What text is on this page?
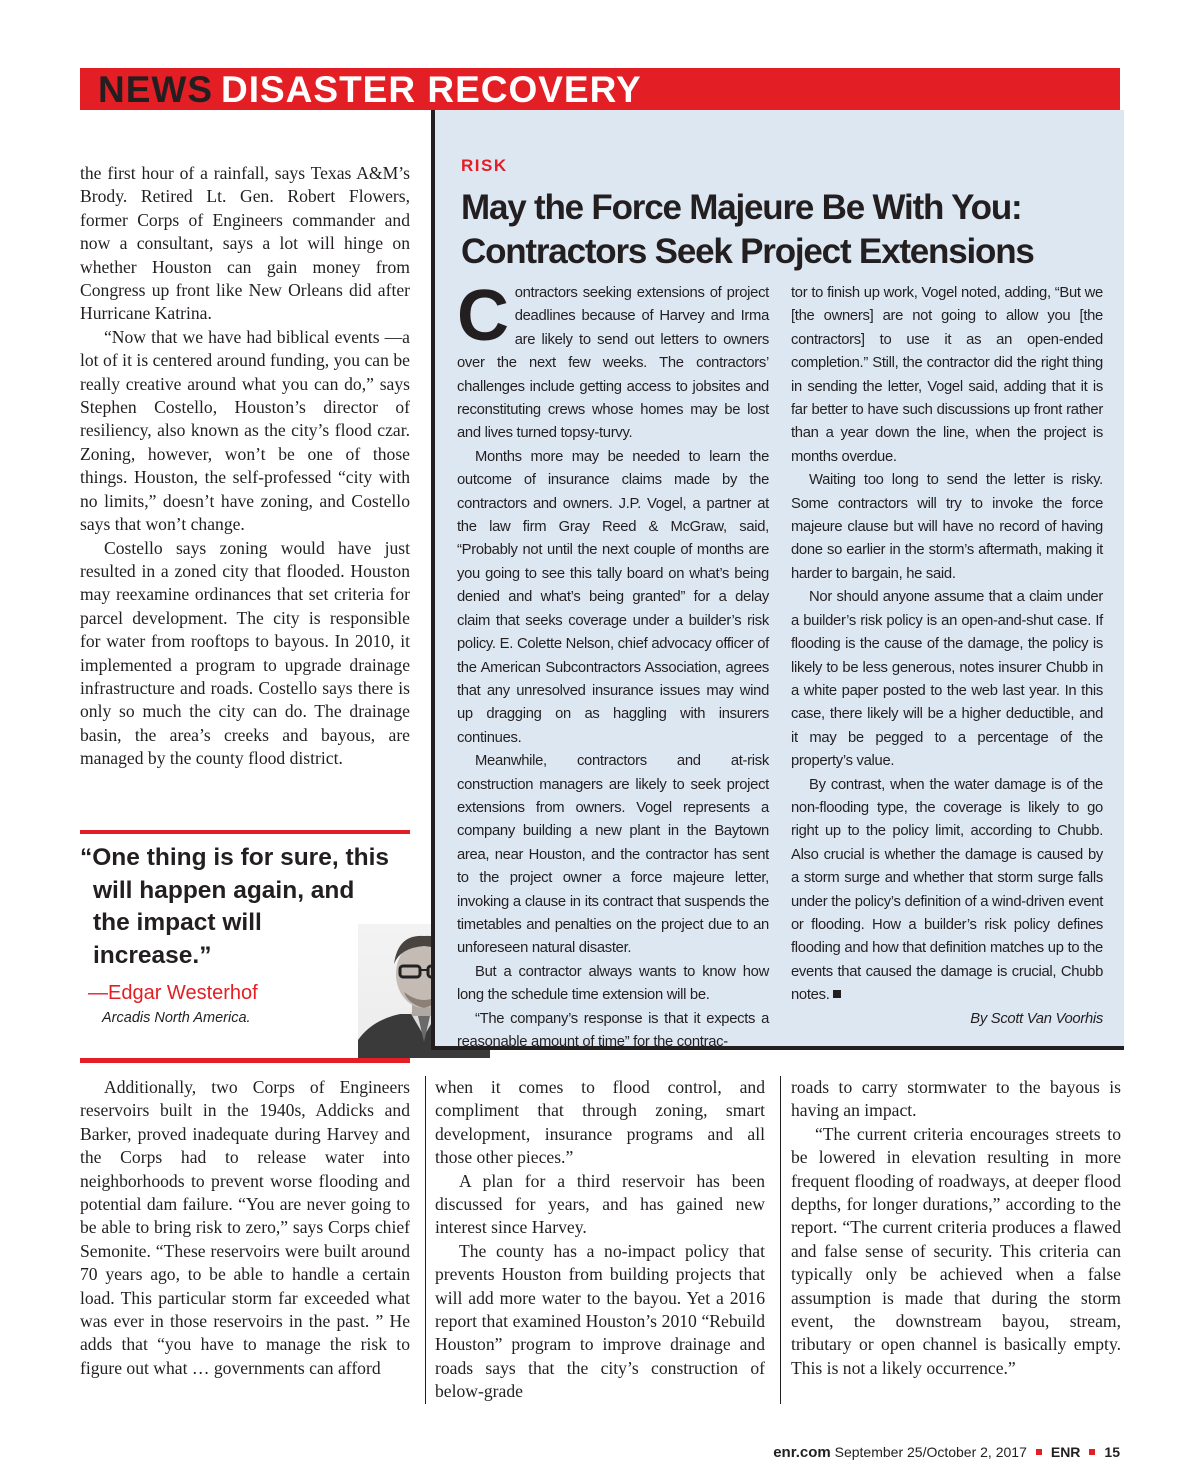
NEWS DISASTER RECOVERY

the first hour of a rainfall, says Texas A&M’s Brody. Retired Lt. Gen. Robert Flowers, former Corps of Engineers commander and now a consultant, says a lot will hinge on whether Houston can gain money from Congress up front like New Orleans did after Hurricane Katrina.

“Now that we have had biblical events —a lot of it is centered around funding, you can be really creative around what you can do,” says Stephen Costello, Houston’s director of resiliency, also known as the city’s flood czar. Zoning, however, won’t be one of those things. Houston, the self-professed “city with no limits,” doesn’t have zoning, and Costello says that won’t change.

Costello says zoning would have just resulted in a zoned city that flooded. Houston may reexamine ordinances that set criteria for parcel development. The city is responsible for water from rooftops to bayous. In 2010, it implemented a program to upgrade drainage infrastructure and roads. Costello says there is only so much the city can do. The drainage basin, the area’s creeks and bayous, are managed by the county flood district.

“One thing is for sure, this
will happen again, and
the impact will
increase.”

—Edgar Westerhof
Arcadis North America.
RISK
May the Force Majeure Be With You:
Contractors Seek Project Extensions

Contractors seeking extensions of project deadlines because of Harvey and Irma are likely to send out letters to owners over the next few weeks. The contractors’ challenges include getting access to jobsites and reconstituting crews whose homes may be lost and lives turned topsy-turvy.

Months more may be needed to learn the outcome of insurance claims made by the contractors and owners. J.P. Vogel, a partner at the law firm Gray Reed & McGraw, said, “Probably not until the next couple of months are you going to see this tally board on what’s being denied and what’s being granted” for a delay claim that seeks coverage under a builder’s risk policy. E. Colette Nelson, chief advocacy officer of the American Subcontractors Association, agrees that any unresolved insurance issues may wind up dragging on as haggling with insurers continues.

Meanwhile, contractors and at-risk construction managers are likely to seek project extensions from owners. Vogel represents a company building a new plant in the Baytown area, near Houston, and the contractor has sent to the project owner a force majeure letter, invoking a clause in its contract that suspends the timetables and penalties on the project due to an unforeseen natural disaster.

But a contractor always wants to know how long the schedule time extension will be.

“The company’s response is that it expects a reasonable amount of time” for the contrac-

tor to finish up work, Vogel noted, adding, “But we [the owners] are not going to allow you [the contractors] to use it as an open-ended completion.” Still, the contractor did the right thing in sending the letter, Vogel said, adding that it is far better to have such discussions up front rather than a year down the line, when the project is months overdue.

Waiting too long to send the letter is risky. Some contractors will try to invoke the force majeure clause but will have no record of having done so earlier in the storm’s aftermath, making it harder to bargain, he said.

Nor should anyone assume that a claim under a builder’s risk policy is an open-and-shut case. If flooding is the cause of the damage, the policy is likely to be less generous, notes insurer Chubb in a white paper posted to the web last year. In this case, there likely will be a higher deductible, and it may be pegged to a percentage of the property’s value.

By contrast, when the water damage is of the non-flooding type, the coverage is likely to go right up to the policy limit, according to Chubb. Also crucial is whether the damage is caused by a storm surge and whether that storm surge falls under the policy’s definition of a wind-driven event or flooding. How a builder’s risk policy defines flooding and how that definition matches up to the events that caused the damage is crucial, Chubb notes.

By Scott Van Voorhis

Additionally, two Corps of Engineers reservoirs built in the 1940s, Addicks and Barker, proved inadequate during Harvey and the Corps had to release water into neighborhoods to prevent worse flooding and potential dam failure. “You are never going to be able to bring risk to zero,” says Corps chief Semonite. “These reservoirs were built around 70 years ago, to be able to handle a certain load. This particular storm far exceeded what was ever in those reservoirs in the past. ” He adds that “you have to manage the risk to figure out what … governments can afford

when it comes to flood control, and compliment that through zoning, smart development, insurance programs and all those other pieces.”

A plan for a third reservoir has been discussed for years, and has gained new interest since Harvey.

The county has a no-impact policy that prevents Houston from building projects that will add more water to the bayou. Yet a 2016 report that examined Houston’s 2010 “Rebuild Houston” program to improve drainage and roads says that the city’s construction of below-grade

roads to carry stormwater to the bayous is having an impact.

“The current criteria encourages streets to be lowered in elevation resulting in more frequent flooding of roadways, at deeper flood depths, for longer durations,” according to the report. “The current criteria produces a flawed and false sense of security. This criteria can typically only be achieved when a false assumption is made that during the storm event, the downstream bayou, stream, tributary or open channel is basically empty. This is not a likely occurrence.”

enr.com September 25/October 2, 2017 ENR 15
